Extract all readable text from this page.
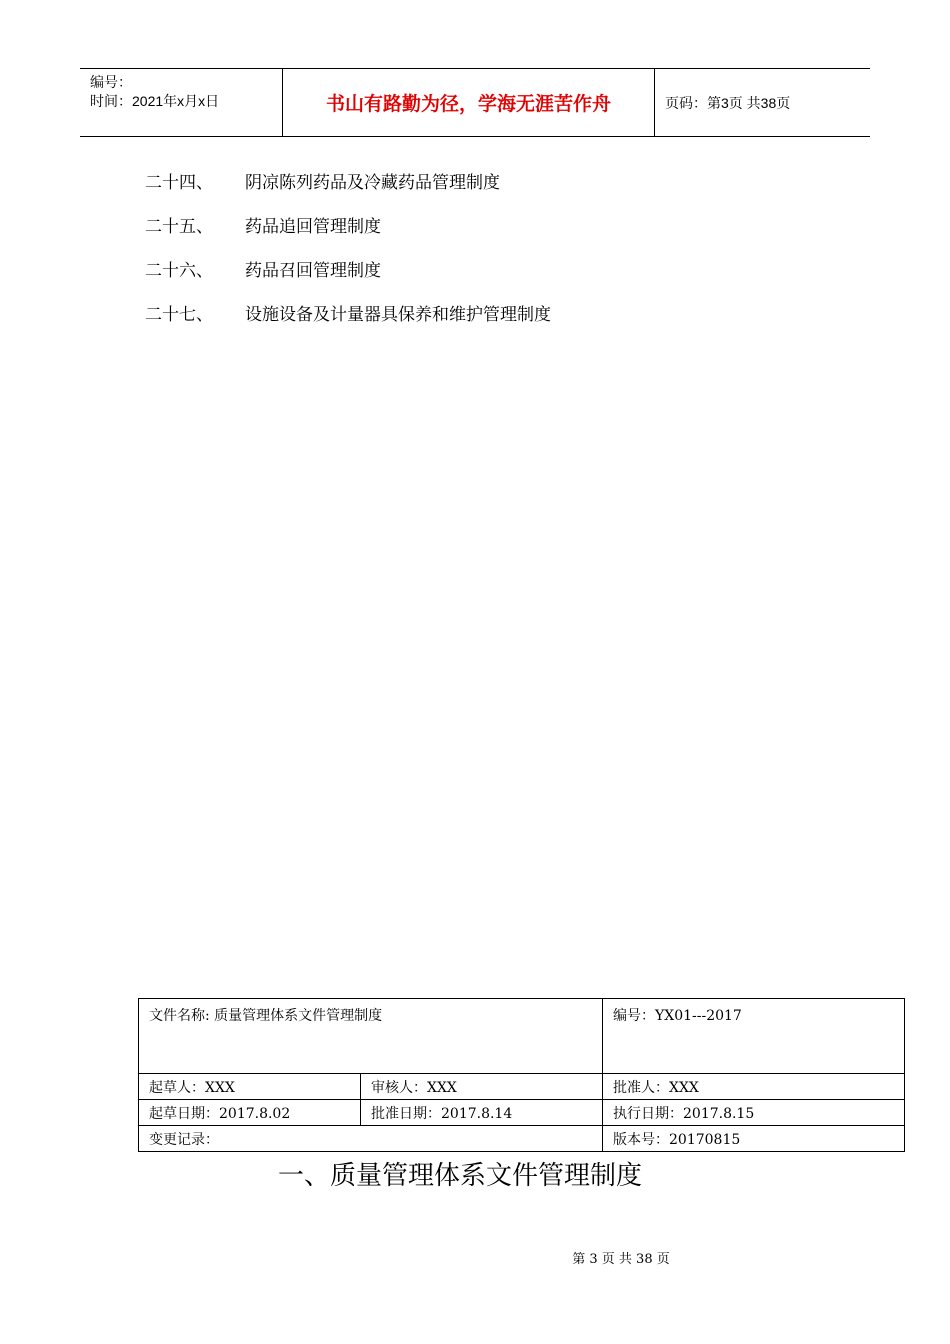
编号：
时间：2021年x月x日	书山有路勤为径，学海无涯苦作舟	页码：第3页 共38页
二十四、	阴凉陈列药品及冷藏药品管理制度
二十五、	药品追回管理制度
二十六、	药品召回管理制度
二十七、	设施设备及计量器具保养和维护管理制度
文件名称: 质量管理体系文件管理制度		编号：YX01---2017
起草人：XXX	审核人：XXX	批准人：XXX
起草日期：2017.8.02	批准日期：2017.8.14	执行日期：2017.8.15
变更记录：		版本号：20170815
一、质量管理体系文件管理制度
第 3 页 共 38 页
